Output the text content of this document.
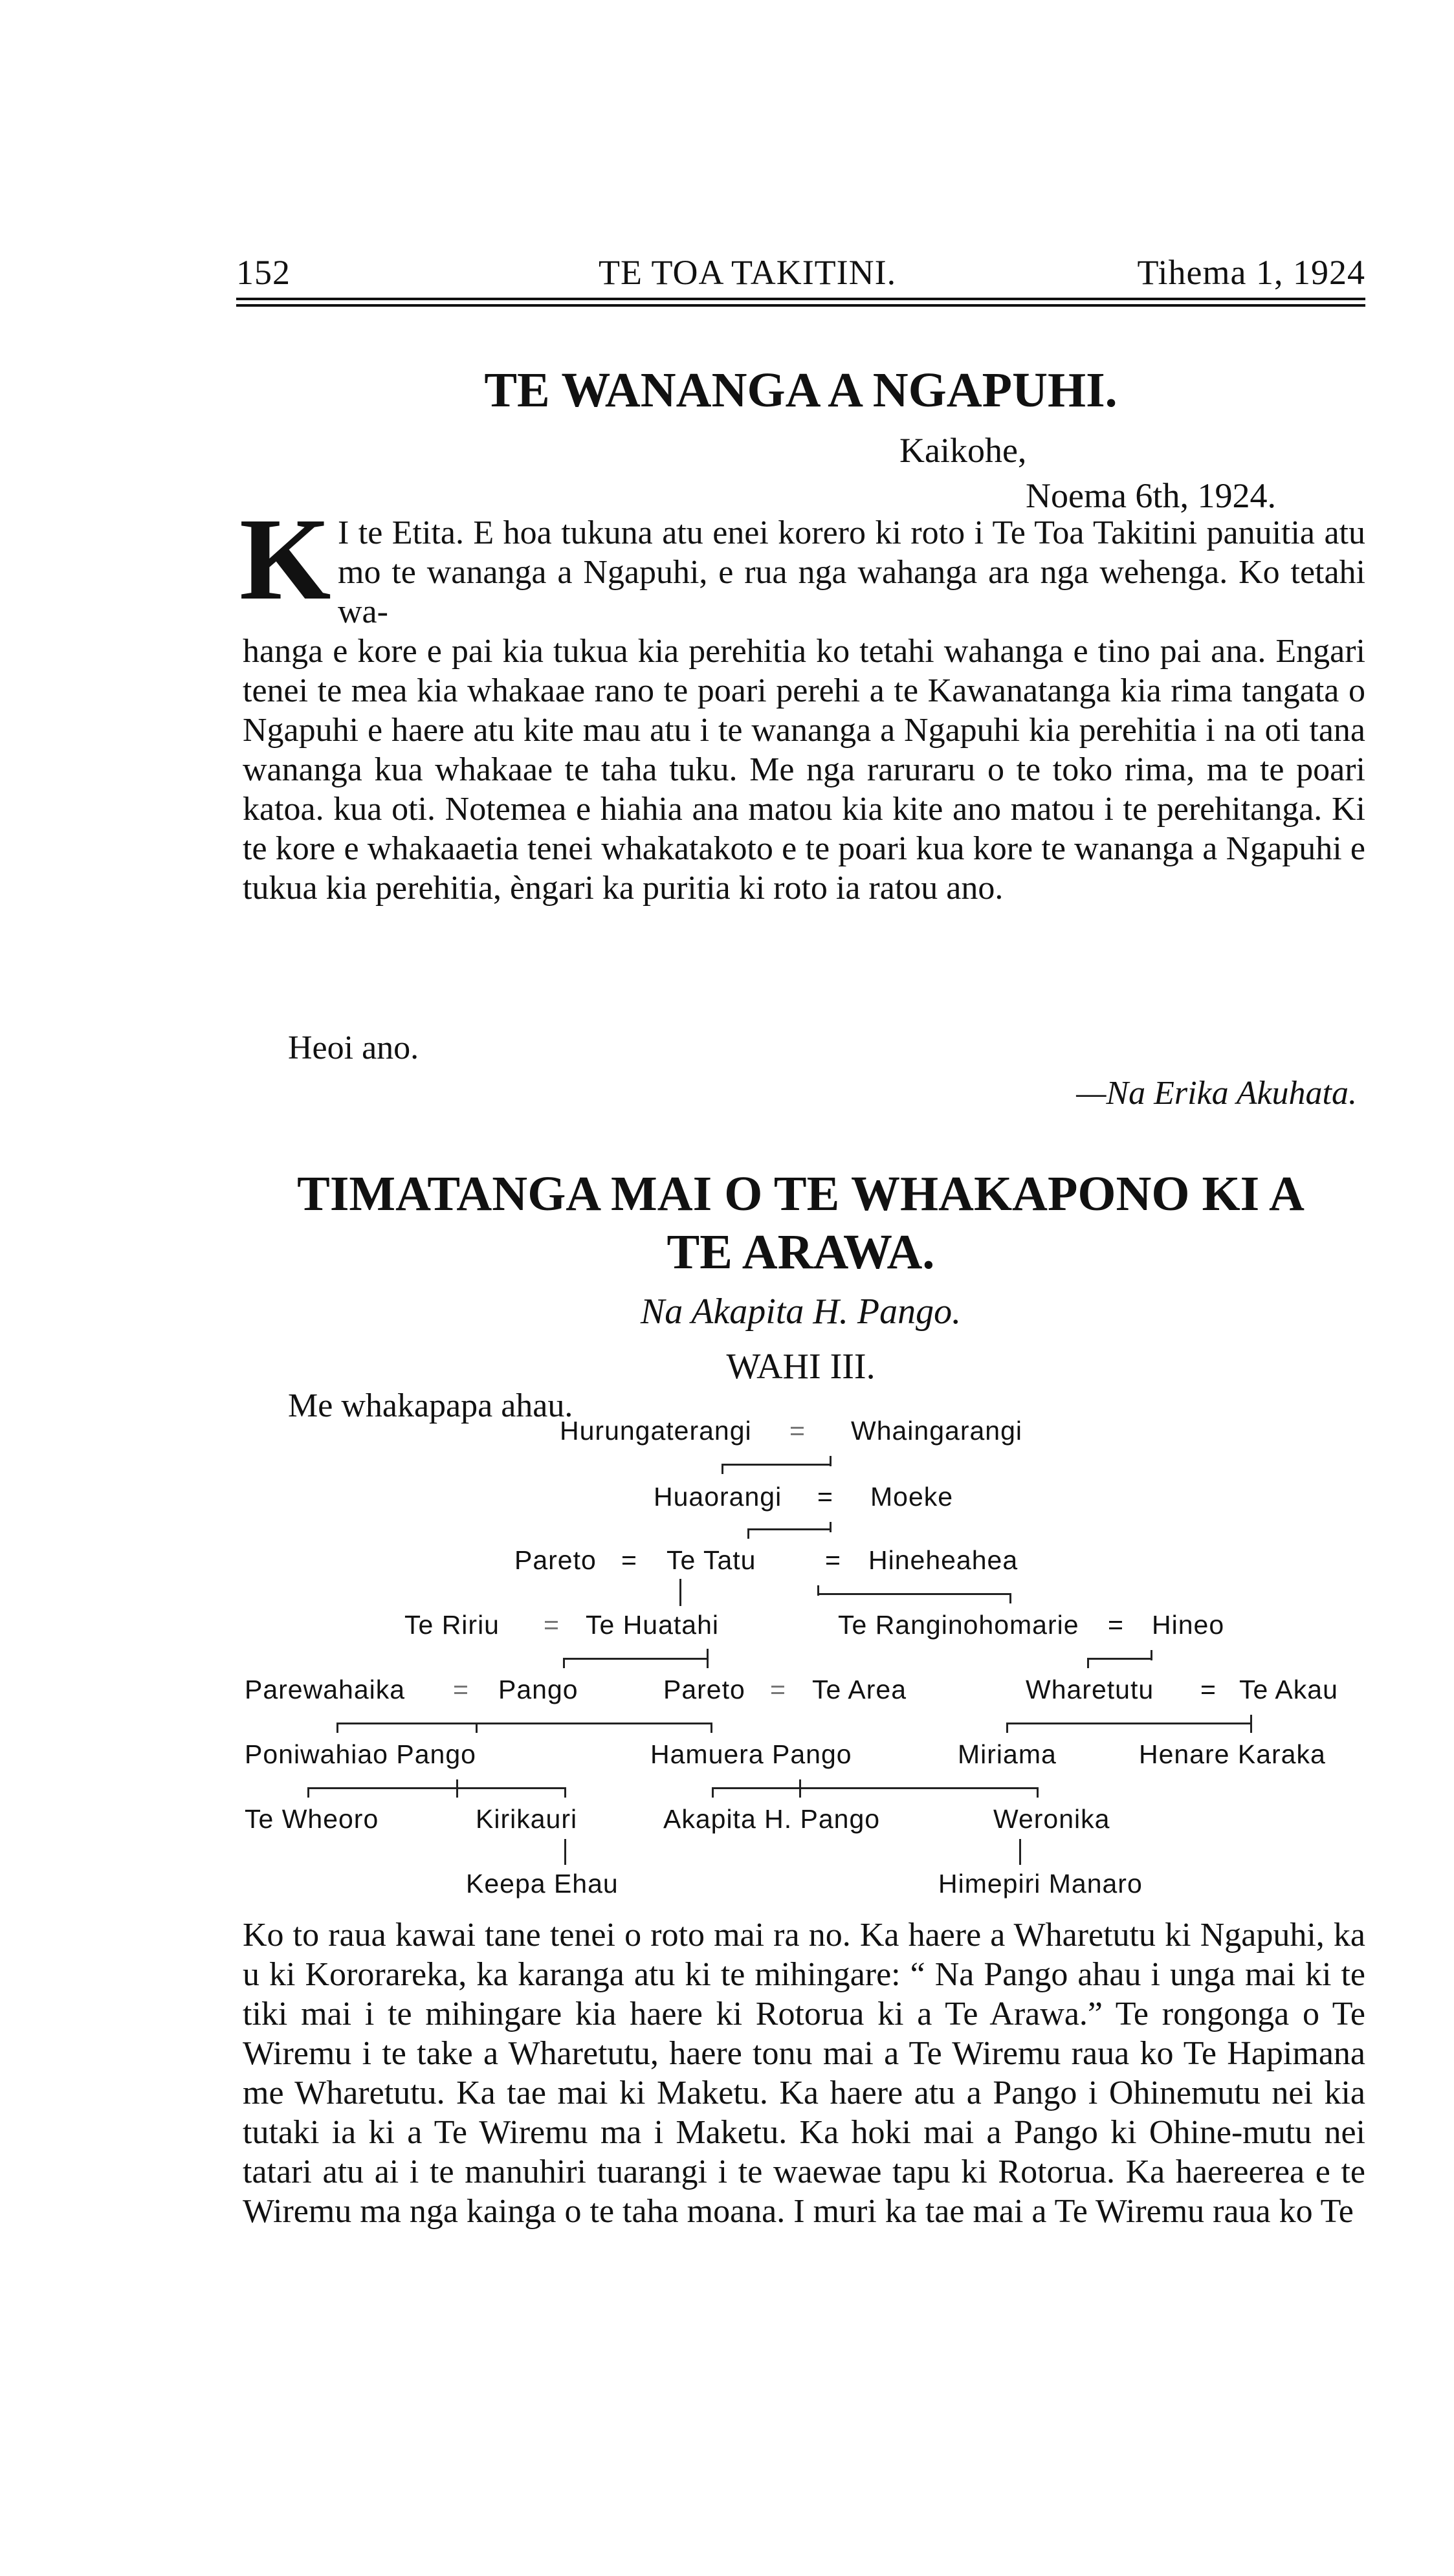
152	TE TOA TAKITINI.	Tihema 1, 1924
TE WANANGA A NGAPUHI.
Kaikohe,
Noema 6th, 1924.
K I te Etita. E hoa tukuna atu enei korero ki roto i Te Toa Takitini panuitia atu mo te wananga a Ngapuhi, e rua nga wahanga ara nga wehenga. Ko tetahi wa-

hanga e kore e pai kia tukua kia perehitia ko tetahi wahanga e tino pai ana. Engari tenei te mea kia whakaae rano te poari perehi a te Kawanatanga kia rima tangata o Ngapuhi e haere atu kite mau atu i te wananga a Ngapuhi kia perehitia i na oti tana wananga kua whakaae te taha tuku. Me nga raruraru o te toko rima, ma te poari katoa. kua oti. Notemea e hiahia ana matou kia kite ano matou i te perehitanga. Ki te kore e whakaaetia tenei whakatakoto e te poari kua kore te wananga a Ngapuhi e tukua kia perehitia, èngari ka puritia ki roto ia ratou ano.

Heoi ano.
—Na Erika Akuhata.
TIMATANGA MAI O TE WHAKAPONO KI A
TE ARAWA.
Na Akapita H. Pango.
WAHI III.
Me whakapapa ahau.
Hurungaterangi = Whaingarangi
Huaorangi = Moeke
Pareto = Te Tatu	= Hineheahea
Te Ririu = Te Huatahi	Te Ranginohomarie = Hineo
Parewahaika = Pango	Pareto = Te Area	Wharetutu = Te Akau
Poniwahiao Pango	Hamuera Pango	Miriama	Henare Karaka
Te Wheoro	Kirikauri	Akapita H. Pango	Weronika
Keepa Ehau	Himepiri Manaro

Ko to raua kawai tane tenei o roto mai ra no. Ka haere a Wharetutu ki Ngapuhi, ka u ki Kororareka, ka karanga atu ki te mihingare: “ Na Pango ahau i unga mai ki te tiki mai i te mihingare kia haere ki Rotorua ki a Te Arawa.” Te rongonga o Te Wiremu i te take a Wharetutu, haere tonu mai a Te Wiremu raua ko Te Hapimana me Wharetutu. Ka tae mai ki Maketu. Ka haere atu a Pango i Ohinemutu nei kia tutaki ia ki a Te Wiremu ma i Maketu. Ka hoki mai a Pango ki Ohine-mutu nei tatari atu ai i te manuhiri tuarangi i te waewae tapu ki Rotorua. Ka haereerea e te Wiremu ma nga kainga o te taha moana. I muri ka tae mai a Te Wiremu raua ko Te
